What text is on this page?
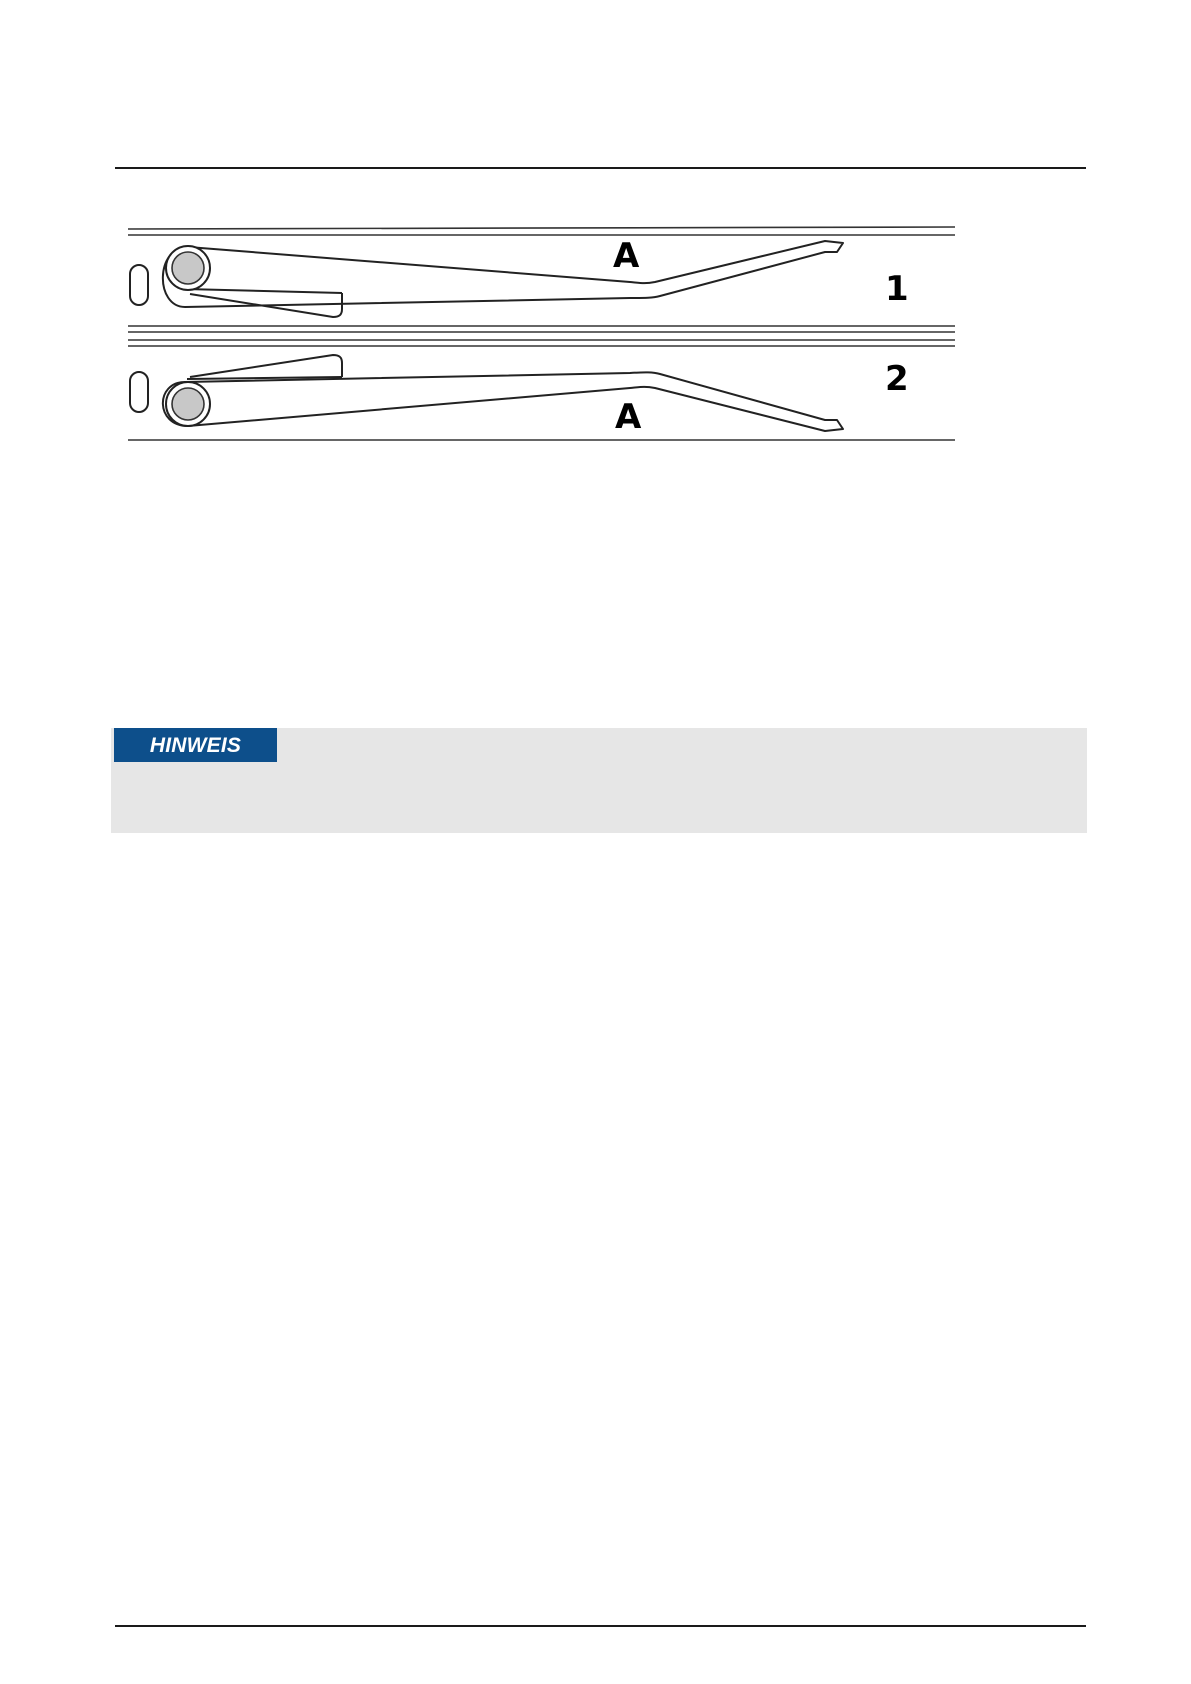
A
1
A
2
HINWEIS
